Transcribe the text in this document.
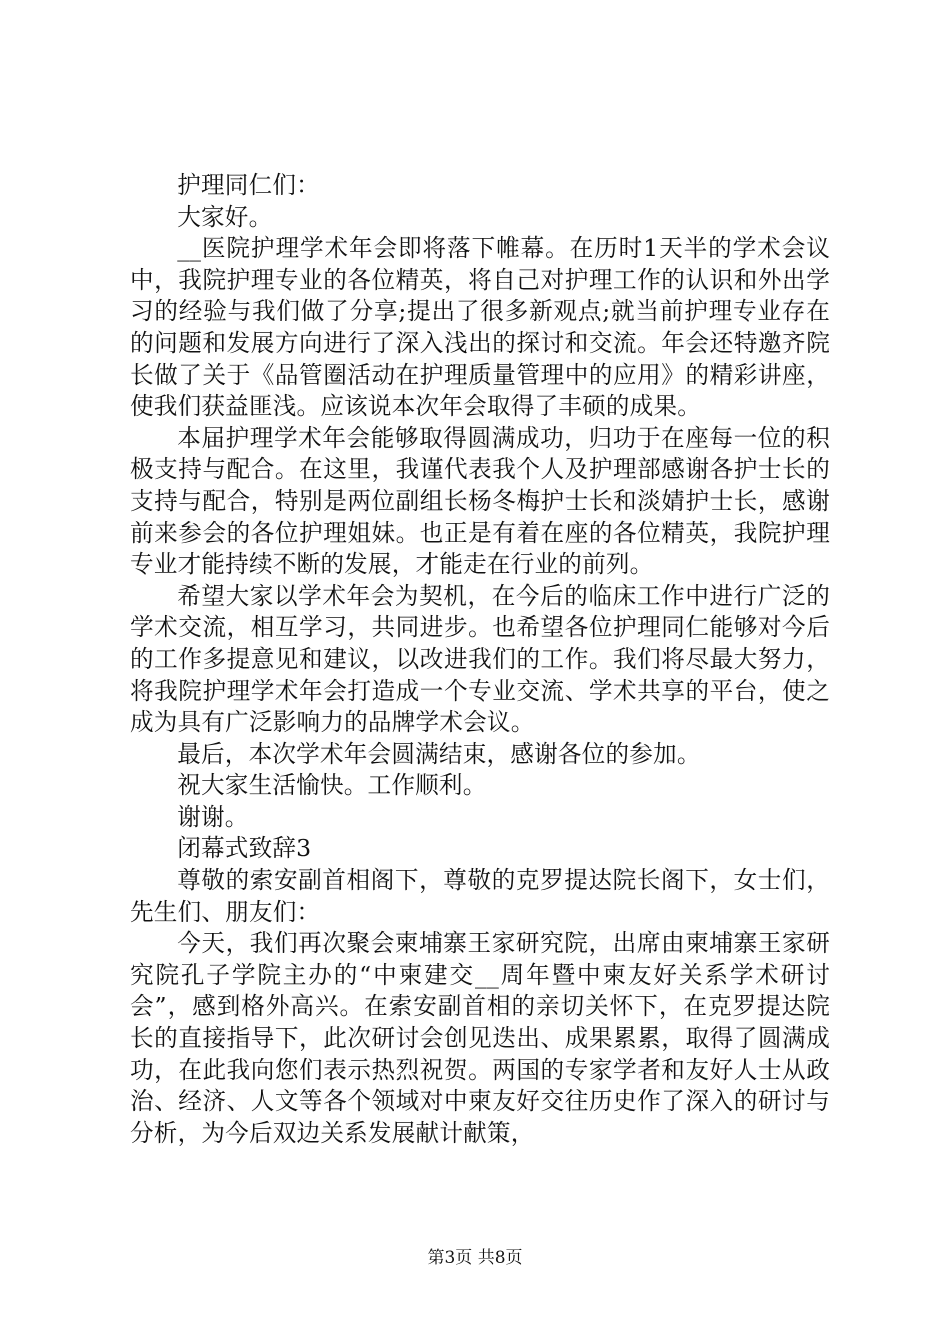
护理同仁们：

大家好。

__医院护理学术年会即将落下帷幕。在历时1天半的学术会议中，我院护理专业的各位精英，将自己对护理工作的认识和外出学习的经验与我们做了分享;提出了很多新观点;就当前护理专业存在的问题和发展方向进行了深入浅出的探讨和交流。年会还特邀齐院长做了关于《品管圈活动在护理质量管理中的应用》的精彩讲座，使我们获益匪浅。应该说本次年会取得了丰硕的成果。

本届护理学术年会能够取得圆满成功，归功于在座每一位的积极支持与配合。在这里，我谨代表我个人及护理部感谢各护士长的支持与配合，特别是两位副组长杨冬梅护士长和淡婧护士长，感谢前来参会的各位护理姐妹。也正是有着在座的各位精英，我院护理专业才能持续不断的发展，才能走在行业的前列。

希望大家以学术年会为契机，在今后的临床工作中进行广泛的学术交流，相互学习，共同进步。也希望各位护理同仁能够对今后的工作多提意见和建议，以改进我们的工作。我们将尽最大努力，将我院护理学术年会打造成一个专业交流、学术共享的平台，使之成为具有广泛影响力的品牌学术会议。

最后，本次学术年会圆满结束，感谢各位的参加。

祝大家生活愉快。工作顺利。

谢谢。

闭幕式致辞3

尊敬的索安副首相阁下，尊敬的克罗提达院长阁下，女士们，先生们、朋友们：

今天，我们再次聚会柬埔寨王家研究院，出席由柬埔寨王家研究院孔子学院主办的“中柬建交__周年暨中柬友好关系学术研讨会”，感到格外高兴。在索安副首相的亲切关怀下，在克罗提达院长的直接指导下，此次研讨会创见迭出、成果累累，取得了圆满成功，在此我向您们表示热烈祝贺。两国的专家学者和友好人士从政治、经济、人文等各个领域对中柬友好交往历史作了深入的研讨与分析，为今后双边关系发展献计献策，

第3页 共8页
